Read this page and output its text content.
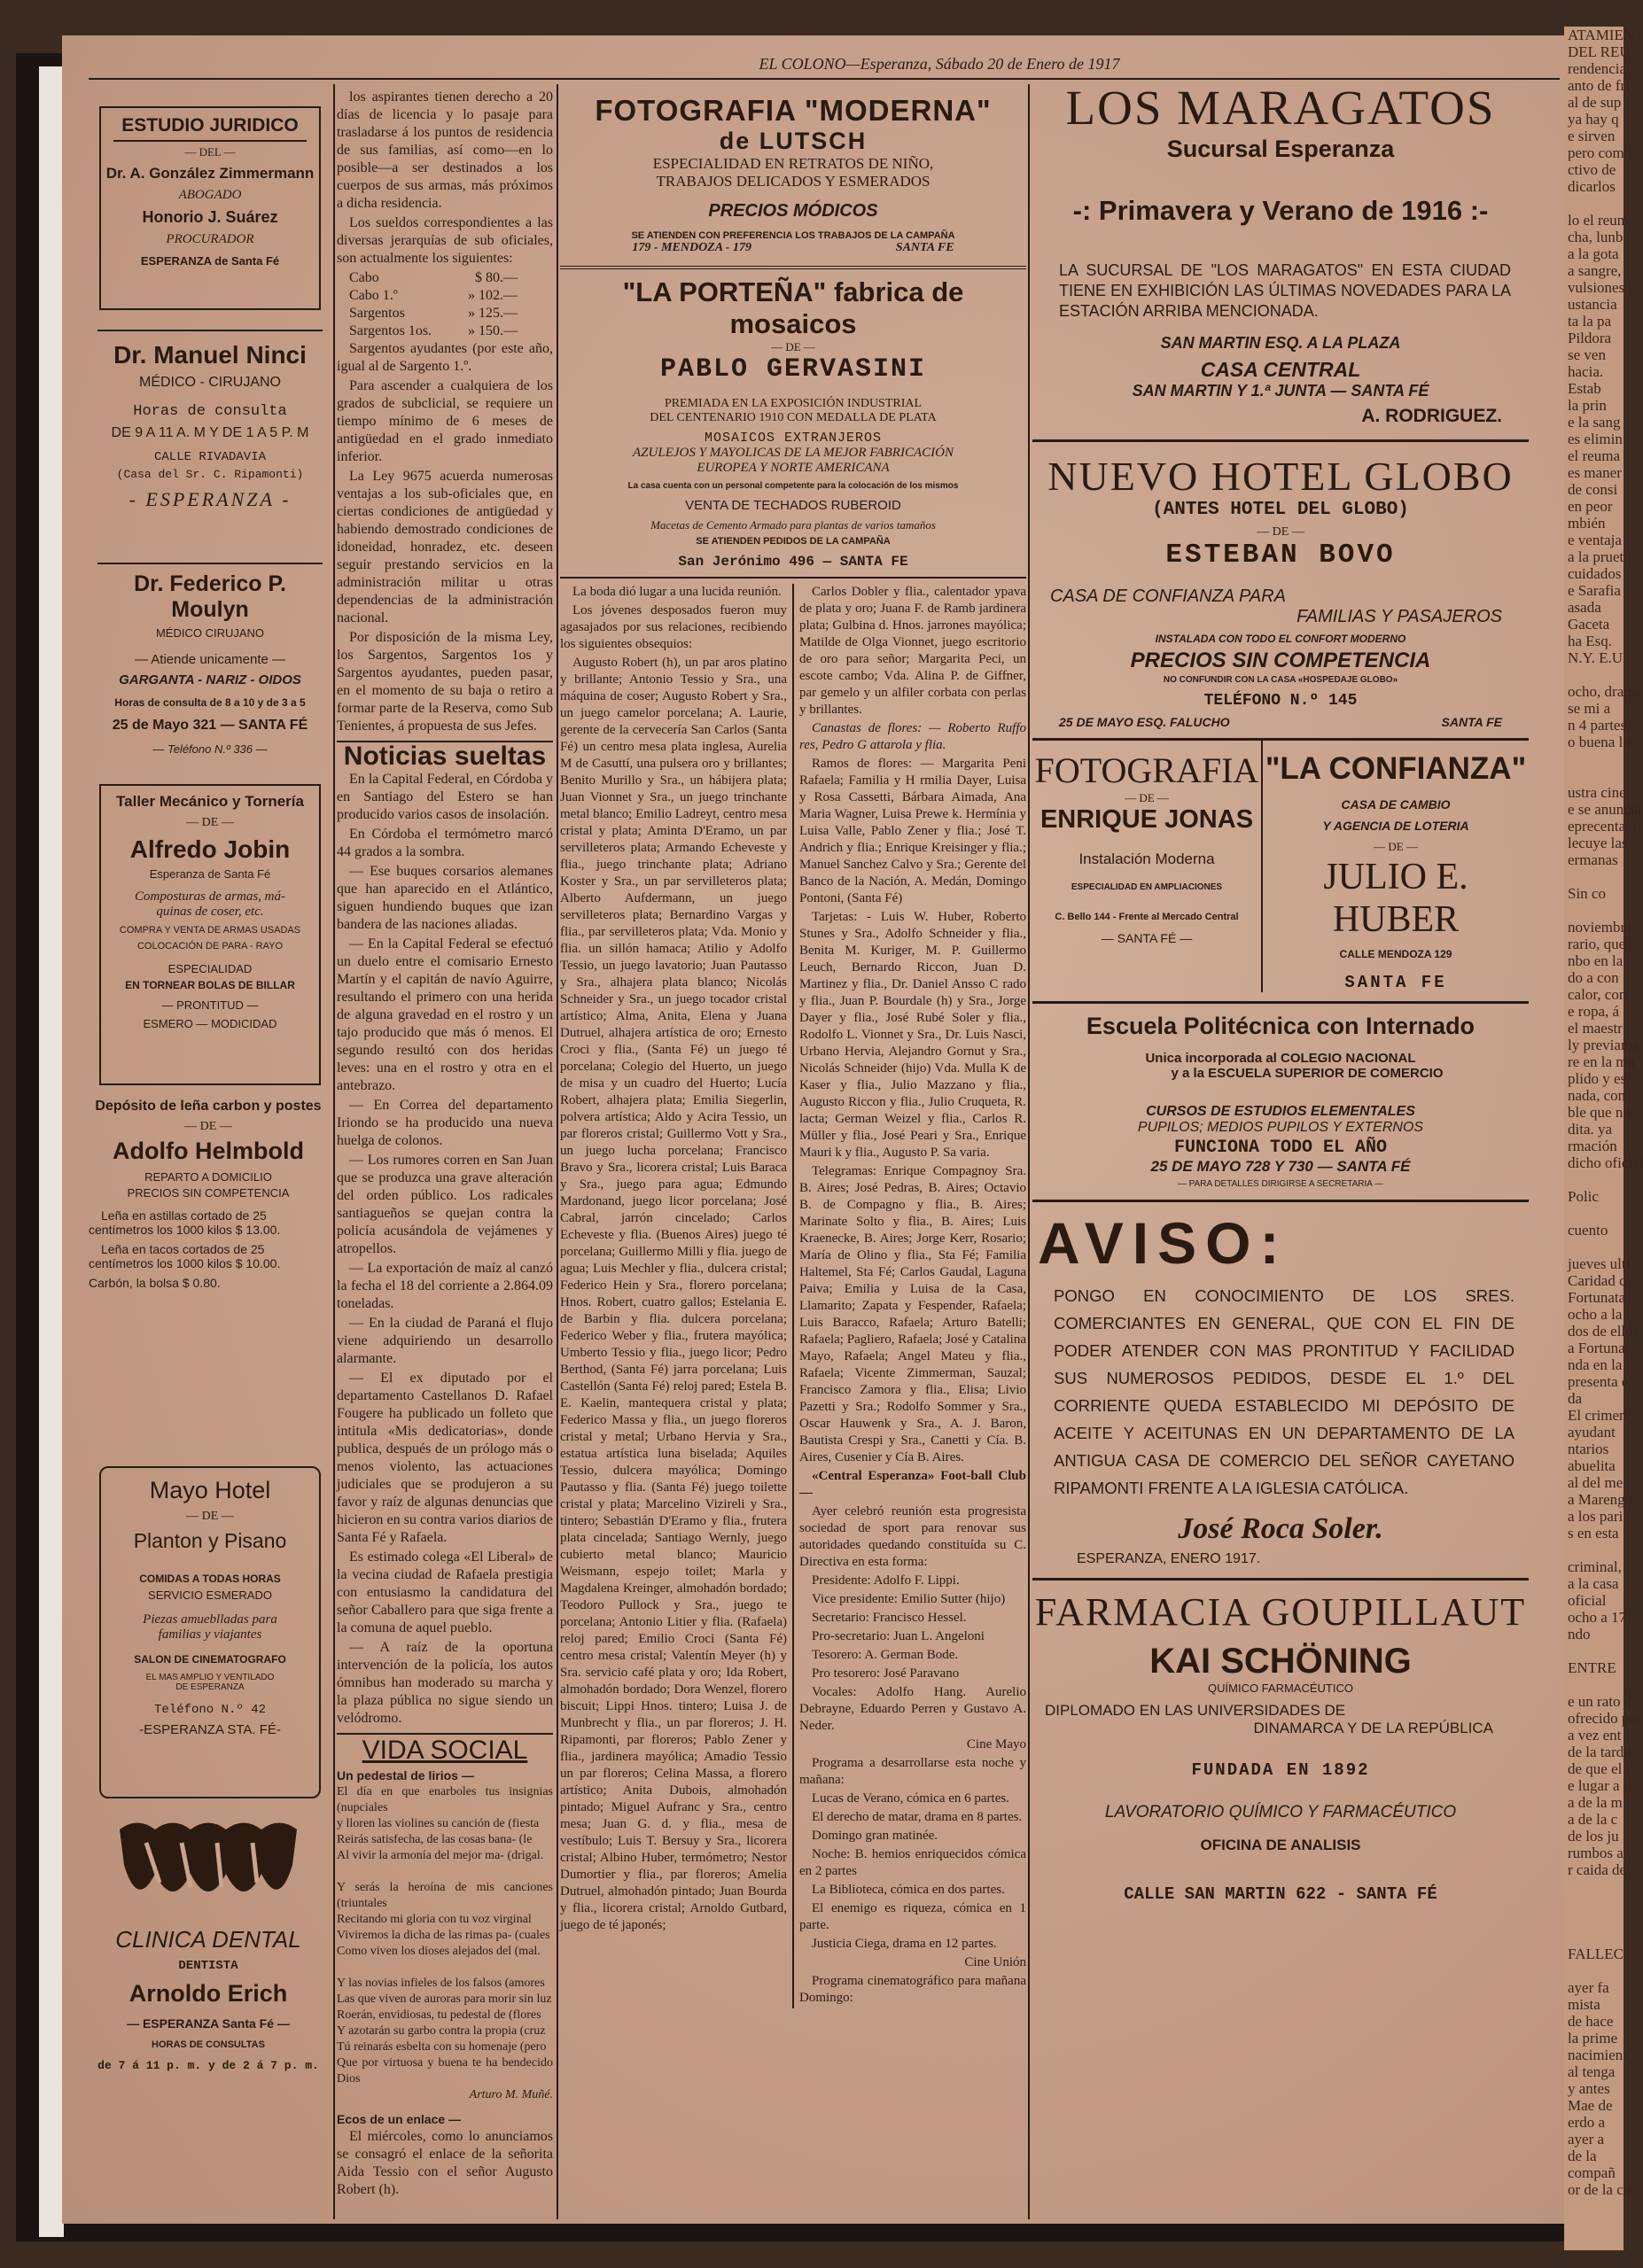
ATAMIEN
DEL REU
rendencia
anto de fri
al de sup
ya hay q
e sirven
pero com
ctivo de
dicarlos

lo el reum
cha, lunb
a la gota
a sangre,
vulsiones
ustancia
ta la pa
Pildora
se ven
hacia.
Estab
la prin
e la sang
es elimin
el reuma
es maner
de consi
en peor
mbién
e ventaja
a la pruet
cuidados
e Sarafia
asada
Gaceta
ha Esq.
N.Y. E.U

ocho, drama
se mi a
n 4 partes.
o buena lec

ustra cine
e se anuncia
eprecentaci
lecuye las
ermanas

Sin co

noviembre
rario, que
nbo en la
do a con
calor, con
e ropa, á
el maestr
ly previame
re en la ma
plido y es
nada, con
ble que na
dita. ya
rmación
dicho oficial

Polic

cuento

jueves ulti
Caridad c
Fortunata
ocho a la
dos de ellos
a Fortunat
nda en la
presenta e
da
El crimen
ayudant
ntarios
abuelita
al del me
a Marengo
a los pari
s en esta

criminal,
a la casa
oficial
ocho a 17
ndo

ENTRE

e un rato d
ofrecido por
a vez ent
de la tarde
de que el j
e lugar a d
a de la m
a de la c
de los ju
rumbos a
r caida de

FALLEC

ayer fa
mista
de hace
la prime
nacimient
al tenga
y antes
Mae de
erdo a
ayer a
de la
compañ
or de la ca
EL COLONO—Esperanza, Sábado 20 de Enero de 1917
ESTUDIO JURIDICO
— DEL —
Dr. A. González Zimmermann
ABOGADO
Honorio J. Suárez
PROCURADOR
ESPERANZA de Santa Fé
Dr. Manuel Ninci
MÉDICO - CIRUJANO
Horas de consulta
DE 9 A 11 A. M Y DE 1 A 5 P. M
CALLE RIVADAVIA
(Casa del Sr. C. Ripamonti)
- ESPERANZA -
Dr. Federico P. Moulyn
MÉDICO CIRUJANO
— Atiende unicamente —
GARGANTA - NARIZ - OIDOS
Horas de consulta de 8 a 10 y de 3 a 5
25 de Mayo 321 — SANTA FÉ
— Teléfono N.º 336 —
Taller Mecánico y Tornería
— DE —
Alfredo Jobin
Esperanza de Santa Fé
Composturas de armas, má-
quinas de coser, etc.
COMPRA Y VENTA DE ARMAS USADAS
COLOCACIÓN DE PARA - RAYO
ESPECIALIDAD
EN TORNEAR BOLAS DE BILLAR
— PRONTITUD —
ESMERO — MODICIDAD
Depósito de leña carbon y postes
— DE —
Adolfo Helmbold
REPARTO A DOMICILIO
PRECIOS SIN COMPETENCIA
Leña en astillas cortado de 25
centímetros los 1000 kilos $ 13.00.
Leña en tacos cortados de 25
centímetros los 1000 kilos $ 10.00.
Carbón, la bolsa $ 0.80.
Mayo Hotel
— DE —
Planton y Pisano
COMIDAS A TODAS HORAS
SERVICIO ESMERADO
Piezas amueblladas para
familias y viajantes
SALON DE CINEMATOGRAFO
EL MAS AMPLIO Y VENTILADO
DE ESPERANZA
Teléfono N.º 42
-ESPERANZA STA. FÉ-
CLINICA DENTAL
DENTISTA
Arnoldo Erich
— ESPERANZA Santa Fé —
HORAS DE CONSULTAS
de 7 á 11 p. m. y de 2 á 7 p. m.

los aspirantes tienen derecho a 20 días de licencia y lo pasaje para trasladarse á los puntos de residencia de sus familias, así como—en lo posible—a ser destinados a los cuerpos de sus armas, más próximos a dicha residencia.

Los sueldos correspondientes a las diversas jerarquías de sub oficiales, son actualmente los siguientes:

Cabo	$ 80.—
Cabo 1.º	» 102.—
Sargentos	» 125.—
Sargentos 1os.	» 150.—

Sargentos ayudantes (por este año, igual al de Sargento 1.º.

Para ascender a cualquiera de los grados de subclicial, se requiere un tiempo mínimo de 6 meses de antigüedad en el grado inmediato inferior.

La Ley 9675 acuerda numerosas ventajas a los sub-oficiales que, en ciertas condiciones de antigüedad y habiendo demostrado condiciones de idoneidad, honradez, etc. deseen seguir prestando servicios en la administración militar u otras dependencias de la administración nacional.

Por disposición de la misma Ley, los Sargentos, Sargentos 1os y Sargentos ayudantes, pueden pasar, en el momento de su baja o retiro a formar parte de la Reserva, como Sub Tenientes, á propuesta de sus Jefes.

Noticias sueltas

En la Capital Federal, en Córdoba y en Santiago del Estero se han producido varios casos de insolación.

En Córdoba el termómetro marcó 44 grados a la sombra.

— Ese buques corsarios alemanes que han aparecido en el Atlántico, siguen hundiendo buques que izan bandera de las naciones aliadas.

— En la Capital Federal se efectuó un duelo entre el comisario Ernesto Martín y el capitán de navío Aguirre, resultando el primero con una herida de alguna gravedad en el rostro y un tajo producido que más ó menos. El segundo resultó con dos heridas leves: una en el rostro y otra en el antebrazo.

— En Correa del departamento Iriondo se ha producido una nueva huelga de colonos.

— Los rumores corren en San Juan que se produzca una grave alteración del orden público. Los radicales santiagueños se quejan contra la policía acusándola de vejámenes y atropellos.

— La exportación de maíz al canzó la fecha el 18 del corriente a 2.864.09 toneladas.

— En la ciudad de Paraná el flujo viene adquiriendo un desarrollo alarmante.

— El ex diputado por el departamento Castellanos D. Rafael Fougere ha publicado un folleto que intitula «Mis dedicatorias», donde publica, después de un prólogo más o menos violento, las actuaciones judiciales que se produjeron a su favor y raíz de algunas denuncias que hicieron en su contra varios diarios de Santa Fé y Rafaela.

Es estimado colega «El Liberal» de la vecina ciudad de Rafaela prestigia con entusiasmo la candidatura del señor Caballero para que siga frente a la comuna de aquel pueblo.

— A raíz de la oportuna intervención de la policía, los autos ómnibus han moderado su marcha y la plaza pública no sigue siendo un velódromo.

VIDA SOCIAL
Un pedestal de lirios —
El día en que enarboles tus insignias (nupciales
y lloren las violines su canción de (fiesta
Reirás satisfecha, de las cosas bana- (le
Al vivir la armonía del mejor ma- (drigal.

Y serás la heroína de mis canciones (triuntales
Recitando mi gloria con tu voz virginal
Viviremos la dicha de las rimas pa- (cuales
Como viven los dioses alejados del (mal.

Y las novias infieles de los falsos (amores
Las que viven de auroras para morir sin luz
Roerán, envidiosas, tu pedestal de (flores
Y azotarán su garbo contra la propia (cruz
Tú reinarás esbelta con su homenaje (pero
Que por virtuosa y buena te ha bendecido Dios
Arturo M. Muñé.
Ecos de un enlace —

El miércoles, como lo anunciamos se consagró el enlace de la señorita Aida Tessio con el señor Augusto Robert (h).

FOTOGRAFIA "MODERNA"
de LUTSCH
ESPECIALIDAD EN RETRATOS DE NIÑO,
TRABAJOS DELICADOS Y ESMERADOS
PRECIOS MÓDICOS
SE ATIENDEN CON PREFERENCIA LOS TRABAJOS DE LA CAMPAÑA
179 - MENDOZA - 179	SANTA FE
"LA PORTEÑA" fabrica de mosaicos
— DE —
PABLO GERVASINI
PREMIADA EN LA EXPOSICIÓN INDUSTRIAL
DEL CENTENARIO 1910 CON MEDALLA DE PLATA
MOSAICOS EXTRANJEROS
AZULEJOS Y MAYOLICAS DE LA MEJOR FABRICACIÓN
EUROPEA Y NORTE AMERICANA
La casa cuenta con un personal competente para la colocación de los mismos
VENTA DE TECHADOS RUBEROID
Macetas de Cemento Armado para plantas de varios tamaños
SE ATIENDEN PEDIDOS DE LA CAMPAÑA
San Jerónimo 496 — SANTA FE

La boda dió lugar a una lucida reunión.

Los jóvenes desposados fueron muy agasajados por sus relaciones, recibiendo los siguientes obsequios:

Augusto Robert (h), un par aros platino y brillante; Antonio Tessio y Sra., una máquina de coser; Augusto Robert y Sra., un juego camelor porcelana; A. Laurie, gerente de la cervecería San Carlos (Santa Fé) un centro mesa plata inglesa, Aurelia M de Casuttí, una pulsera oro y brillantes; Benito Murillo y Sra., un hábijera plata; Juan Vionnet y Sra., un juego trinchante metal blanco; Emilio Ladreyt, centro mesa cristal y plata; Aminta D'Eramo, un par servilleteros plata; Armando Echeveste y flia., juego trinchante plata; Adriano Koster y Sra., un par servilleteros plata; Alberto Aufdermann, un juego servilleteros plata; Bernardino Vargas y flia., par servilleteros plata; Vda. Monio y flia. un sillón hamaca; Atilio y Adolfo Tessio, un juego lavatorio; Juan Pautasso y Sra., alhajera plata blanco; Nicolás Schneider y Sra., un juego tocador cristal artístico; Alma, Anita, Elena y Juana Dutruel, alhajera artística de oro; Ernesto Croci y flia., (Santa Fé) un juego té porcelana; Colegio del Huerto, un juego de misa y un cuadro del Huerto; Lucía Robert, alhajera plata; Emilia Siegerlin, polvera artística; Aldo y Acira Tessio, un par floreros cristal; Guillermo Vott y Sra., un juego lucha porcelana; Francisco Bravo y Sra., licorera cristal; Luis Baraca y Sra., juego para agua; Edmundo Mardonand, juego licor porcelana; José Cabral, jarrón cincelado; Carlos Echeveste y flia. (Buenos Aires) juego té porcelana; Guillermo Milli y flia. juego de agua; Luis Mechler y flia., dulcera cristal; Federico Hein y Sra., florero porcelana; Hnos. Robert, cuatro gallos; Estelania E. de Barbin y flia. dulcera porcelana; Federico Weber y flia., frutera mayólica; Umberto Tessio y flia., juego licor; Pedro Berthod, (Santa Fé) jarra porcelana; Luis Castellón (Santa Fé) reloj pared; Estela B. E. Kaelin, mantequera cristal y plata; Federico Massa y flia., un juego floreros cristal y metal; Urbano Hervia y Sra., estatua artística luna biselada; Aquiles Tessio, dulcera mayólica; Domingo Pautasso y flia. (Santa Fé) juego toilette cristal y plata; Marcelino Vizireli y Sra., tintero; Sebastián D'Eramo y flia., frutera plata cincelada; Santiago Wernly, juego cubierto metal blanco; Mauricio Weismann, espejo toilet; Marla y Magdalena Kreinger, almohadón bordado; Teodoro Pullock y Sra., juego te porcelana; Antonio Litier y flia. (Rafaela) reloj pared; Emilio Croci (Santa Fé) centro mesa cristal; Valentín Meyer (h) y Sra. servicio café plata y oro; Ida Robert, almohadón bordado; Dora Wenzel, florero biscuit; Lippi Hnos. tintero; Luisa J. de Munbrecht y flia., un par floreros; J. H. Ripamonti, par floreros; Pablo Zener y flia., jardinera mayólica; Amadio Tessio un par floreros; Celina Massa, a florero artístico; Anita Dubois, almohadón pintado; Miguel Aufranc y Sra., centro mesa; Juan G. d. y flia., mesa de vestíbulo; Luis T. Bersuy y Sra., licorera cristal; Albino Huber, termómetro; Nestor Dumortier y flia., par floreros; Amelia Dutruel, almohadón pintado; Juan Bourda y flia., licorera cristal; Arnoldo Gutbard, juego de té japonés;

Carlos Dobler y flia., calentador ypava de plata y oro; Juana F. de Ramb jardinera plata; Gulbina d. Hnos. jarrones mayólica; Matilde de Olga Vionnet, juego escritorio de oro para señor; Margarita Peci, un escote cambo; Vda. Alina P. de Giffner, par gemelo y un alfiler corbata con perlas y brillantes.

Canastas de flores: — Roberto Ruffo res, Pedro G attarola y flia.

Ramos de flores: — Margarita Peni Rafaela; Familia y H rmilia Dayer, Luisa y Rosa Cassetti, Bárbara Aimada, Ana Maria Wagner, Luisa Prewe k. Hermínia y Luisa Valle, Pablo Zener y flia.; José T. Andrich y flia.; Enrique Kreisinger y flia.; Manuel Sanchez Calvo y Sra.; Gerente del Banco de la Nación, A. Medán, Domingo Pontoni, (Santa Fé)

Tarjetas: - Luis W. Huber, Roberto Stunes y Sra., Adolfo Schneider y flia., Benita M. Kuriger, M. P. Guillermo Leuch, Bernardo Riccon, Juan D. Martinez y flia., Dr. Daniel Ansso C rado y flia., Juan P. Bourdale (h) y Sra., Jorge Dayer y flia., José Rubé Soler y flia., Rodolfo L. Vionnet y Sra., Dr. Luis Nasci, Urbano Hervia, Alejandro Gornut y Sra., Nicolás Schneider (hijo) Vda. Mulla K de Kaser y flia., Julio Mazzano y flia., Augusto Riccon y flia., Julio Cruqueta, R. lacta; German Weizel y flia., Carlos R. Müller y flia., José Peari y Sra., Enrique Mauri k y flia., Augusto P. Sa varia.

Telegramas: Enrique Compagnoy Sra. B. Aires; José Pedras, B. Aires; Octavio B. de Compagno y flia., B. Aires; Marinate Solto y flia., B. Aires; Luis Kraenecke, B. Aires; Jorge Kerr, Rosario; María de Olino y flia., Sta Fé; Familia Haltemel, Sta Fé; Carlos Gaudal, Laguna Paiva; Emilia y Luisa de la Casa, Llamarito; Zapata y Fespender, Rafaela; Luis Baracco, Rafaela; Arturo Batelli; Rafaela; Pagliero, Rafaela; José y Catalina Mayo, Rafaela; Angel Mateu y flia., Rafaela; Vicente Zimmerman, Sauzal; Francisco Zamora y flia., Elisa; Livio Pazetti y Sra.; Rodolfo Sommer y Sra., Oscar Hauwenk y Sra., A. J. Baron, Bautista Crespi y Sra., Canetti y Cía. B. Aires, Cusenier y Cía B. Aires.

«Central Esperanza» Foot-ball Club —

Ayer celebró reunión esta progresista sociedad de sport para renovar sus autoridades quedando constituída su C. Directiva en esta forma:

Presidente: Adolfo F. Lippi.

Vice presidente: Emilio Sutter (hijo)

Secretario: Francisco Hessel.

Pro-secretario: Juan L. Angeloni

Tesorero: A. German Bode.

Pro tesorero: José Paravano

Vocales: Adolfo Hang. Aurelio Debrayne, Eduardo Perren y Gustavo A. Neder.

Cine Mayo

Programa a desarrollarse esta noche y mañana:

Lucas de Verano, cómica en 6 partes.

El derecho de matar, drama en 8 partes.

Domingo gran matinée.

Noche: B. hemios enriquecidos cómica en 2 partes

La Biblioteca, cómica en dos partes.

El enemigo es riqueza, cómica en 1 parte.

Justicia Ciega, drama en 12 partes.

Cine Unión

Programa cinematográfico para mañana Domingo:

LOS MARAGATOS
Sucursal Esperanza
-: Primavera y Verano de 1916 :-
LA SUCURSAL DE "LOS MARAGATOS" EN ESTA CIUDAD TIENE EN EXHIBICIÓN LAS ÚLTIMAS NOVEDADES PARA LA ESTACIÓN ARRIBA MENCIONADA.
SAN MARTIN ESQ. A LA PLAZA
CASA CENTRAL
SAN MARTIN Y 1.ª JUNTA — SANTA FÉ
A. RODRIGUEZ.
NUEVO HOTEL GLOBO
(ANTES HOTEL DEL GLOBO)
— DE —
ESTEBAN BOVO
CASA DE CONFIANZA PARA
FAMILIAS Y PASAJEROS
INSTALADA CON TODO EL CONFORT MODERNO
PRECIOS SIN COMPETENCIA
NO CONFUNDIR CON LA CASA «HOSPEDAJE GLOBO»
TELÉFONO N.º 145
25 DE MAYO ESQ. FALUCHO	SANTA FE
FOTOGRAFIA
— DE —
ENRIQUE JONAS
Instalación Moderna
ESPECIALIDAD EN AMPLIACIONES
C. Bello 144 - Frente al Mercado Central
— SANTA FÉ —
"LA CONFIANZA"
CASA DE CAMBIO
Y AGENCIA DE LOTERIA
— DE —
JULIO E. HUBER
CALLE MENDOZA 129
SANTA FE
Escuela Politécnica con Internado
Unica incorporada al COLEGIO NACIONAL
y a la ESCUELA SUPERIOR DE COMERCIO
CURSOS DE ESTUDIOS ELEMENTALES
PUPILOS; MEDIOS PUPILOS Y EXTERNOS
FUNCIONA TODO EL AÑO
25 DE MAYO 728 Y 730 — SANTA FÉ
— PARA DETALLES DIRIGIRSE A SECRETARIA —
AVISO:
PONGO EN CONOCIMIENTO DE LOS SRES. COMERCIANTES EN GENERAL, QUE CON EL FIN DE PODER ATENDER CON MAS PRONTITUD Y FACILIDAD SUS NUMEROSOS PEDIDOS, DESDE EL 1.º DEL CORRIENTE QUEDA ESTABLECIDO MI DEPÓSITO DE ACEITE Y ACEITUNAS EN UN DEPARTAMENTO DE LA ANTIGUA CASA DE COMERCIO DEL SEÑOR CAYETANO RIPAMONTI FRENTE A LA IGLESIA CATÓLICA.
José Roca Soler.
ESPERANZA, ENERO 1917.
FARMACIA GOUPILLAUT
KAI SCHÖNING
QUÍMICO FARMACÉUTICO
DIPLOMADO EN LAS UNIVERSIDADES DE
DINAMARCA Y DE LA REPÚBLICA
FUNDADA EN 1892
LAVORATORIO QUÍMICO Y FARMACÉUTICO
OFICINA DE ANALISIS
CALLE SAN MARTIN 622 - SANTA FÉ
